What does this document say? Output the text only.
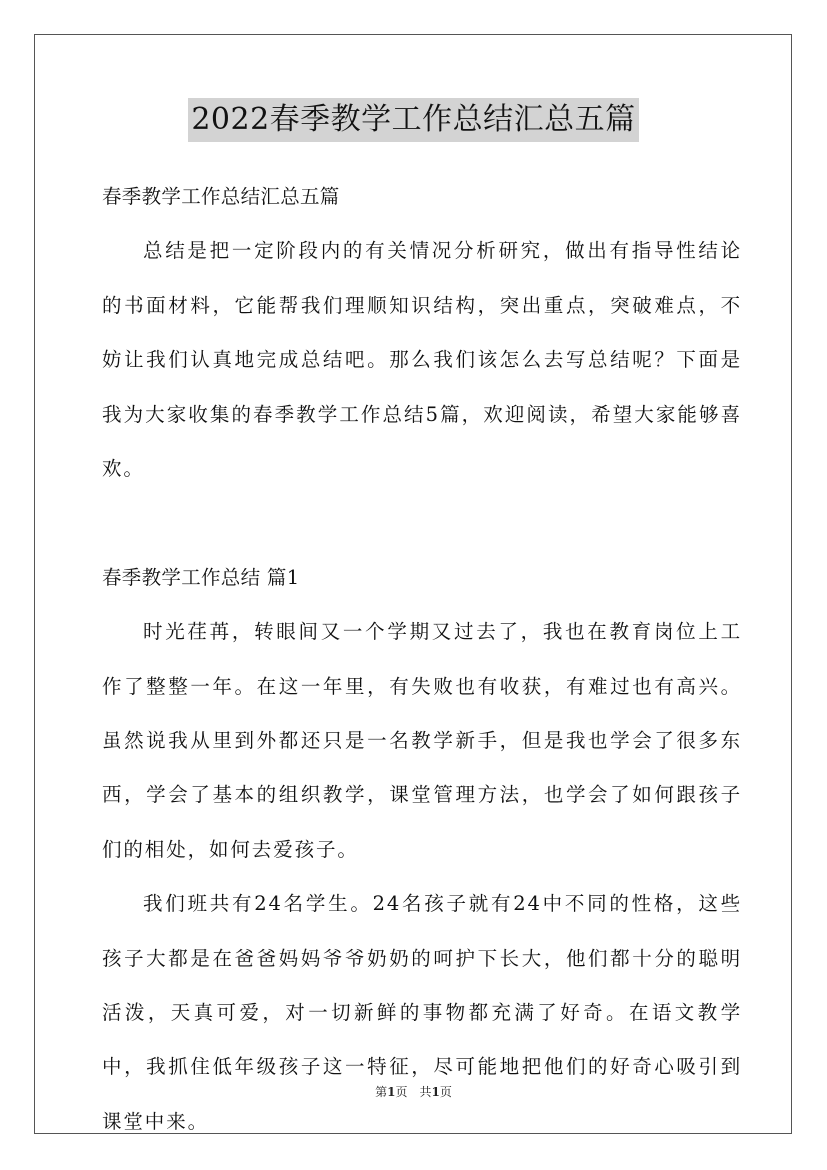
2022春季教学工作总结汇总五篇

春季教学工作总结汇总五篇

总结是把一定阶段内的有关情况分析研究，做出有指导性结论的书面材料，它能帮我们理顺知识结构，突出重点，突破难点，不妨让我们认真地完成总结吧。那么我们该怎么去写总结呢？下面是我为大家收集的春季教学工作总结5篇，欢迎阅读，希望大家能够喜欢。

春季教学工作总结 篇1

时光荏苒，转眼间又一个学期又过去了，我也在教育岗位上工作了整整一年。在这一年里，有失败也有收获，有难过也有高兴。虽然说我从里到外都还只是一名教学新手，但是我也学会了很多东西，学会了基本的组织教学，课堂管理方法，也学会了如何跟孩子们的相处，如何去爱孩子。

我们班共有24名学生。24名孩子就有24中不同的性格，这些孩子大都是在爸爸妈妈爷爷奶奶的呵护下长大，他们都十分的聪明活泼，天真可爱，对一切新鲜的事物都充满了好奇。在语文教学中，我抓住低年级孩子这一特征，尽可能地把他们的好奇心吸引到课堂中来。

第1页　共1页
